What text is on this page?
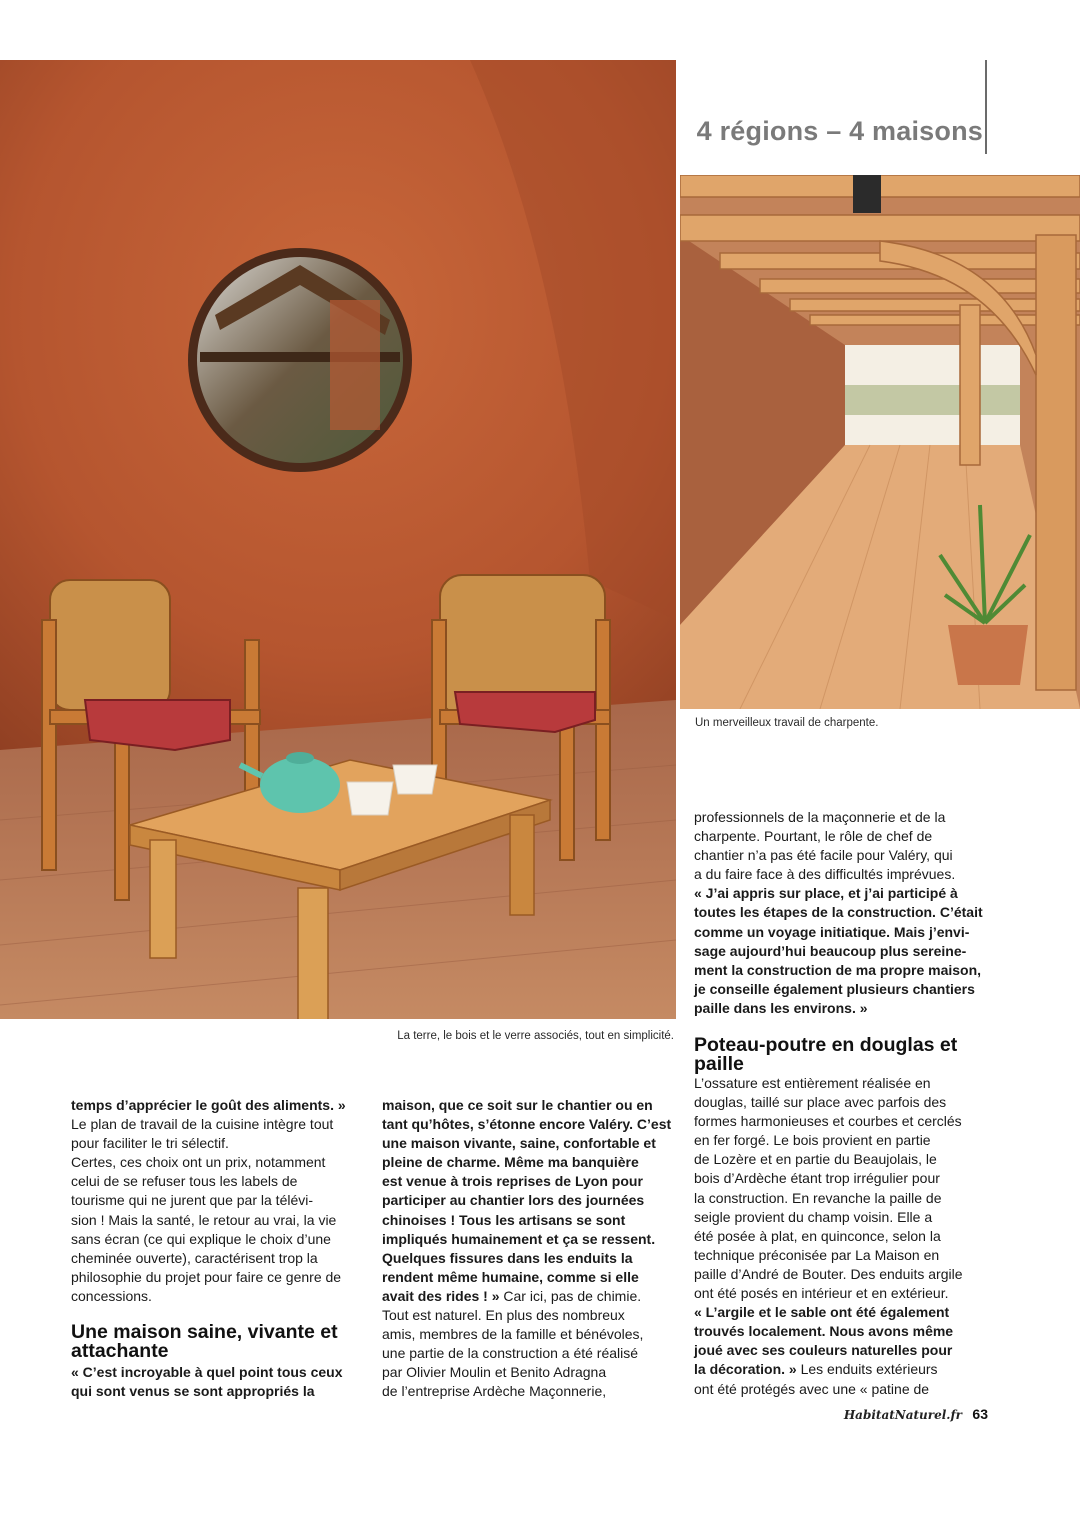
4 régions – 4 maisons
La terre, le bois et le verre associés, tout en simplicité.
Un merveilleux travail de charpente.

temps d’apprécier le goût des aliments. »

Le plan de travail de la cuisine intègre tout

pour faciliter le tri sélectif.

Certes, ces choix ont un prix, notamment

celui de se refuser tous les labels de

tourisme qui ne jurent que par la télévi-

sion ! Mais la santé, le retour au vrai, la vie

sans écran (ce qui explique le choix d’une

cheminée ouverte), caractérisent trop la

philosophie du projet pour faire ce genre de

concessions.

Une maison saine, vivante et attachante

« C’est incroyable à quel point tous ceux

qui sont venus se sont appropriés la

maison, que ce soit sur le chantier ou en

tant qu’hôtes, s’étonne encore Valéry. C’est

une maison vivante, saine, confortable et

pleine de charme. Même ma banquière

est venue à trois reprises de Lyon pour

participer au chantier lors des journées

chinoises ! Tous les artisans se sont

impliqués humainement et ça se ressent.

Quelques fissures dans les enduits la

rendent même humaine, comme si elle

avait des rides ! » Car ici, pas de chimie.

Tout est naturel. En plus des nombreux

amis, membres de la famille et bénévoles,

une partie de la construction a été réalisé

par Olivier Moulin et Benito Adragna

de l’entreprise Ardèche Maçonnerie,

professionnels de la maçonnerie et de la

charpente. Pourtant, le rôle de chef de

chantier n’a pas été facile pour Valéry, qui

a du faire face à des difficultés imprévues.

« J’ai appris sur place, et j’ai participé à

toutes les étapes de la construction. C’était

comme un voyage initiatique. Mais j’envi-

sage aujourd’hui beaucoup plus sereine-

ment la construction de ma propre maison,

je conseille également plusieurs chantiers

paille dans les environs. »

Poteau-poutre en douglas et paille

L’ossature est entièrement réalisée en

douglas, taillé sur place avec parfois des

formes harmonieuses et courbes et cerclés

en fer forgé. Le bois provient en partie

de Lozère et en partie du Beaujolais, le

bois d’Ardèche étant trop irrégulier pour

la construction. En revanche la paille de

seigle provient du champ voisin. Elle a

été posée à plat, en quinconce, selon la

technique préconisée par La Maison en

paille d’André de Bouter. Des enduits argile

ont été posés en intérieur et en extérieur.

« L’argile et le sable ont été également

trouvés localement. Nous avons même

joué avec ses couleurs naturelles pour

la décoration. » Les enduits extérieurs

ont été protégés avec une « patine de

HabitatNaturel.fr 63
